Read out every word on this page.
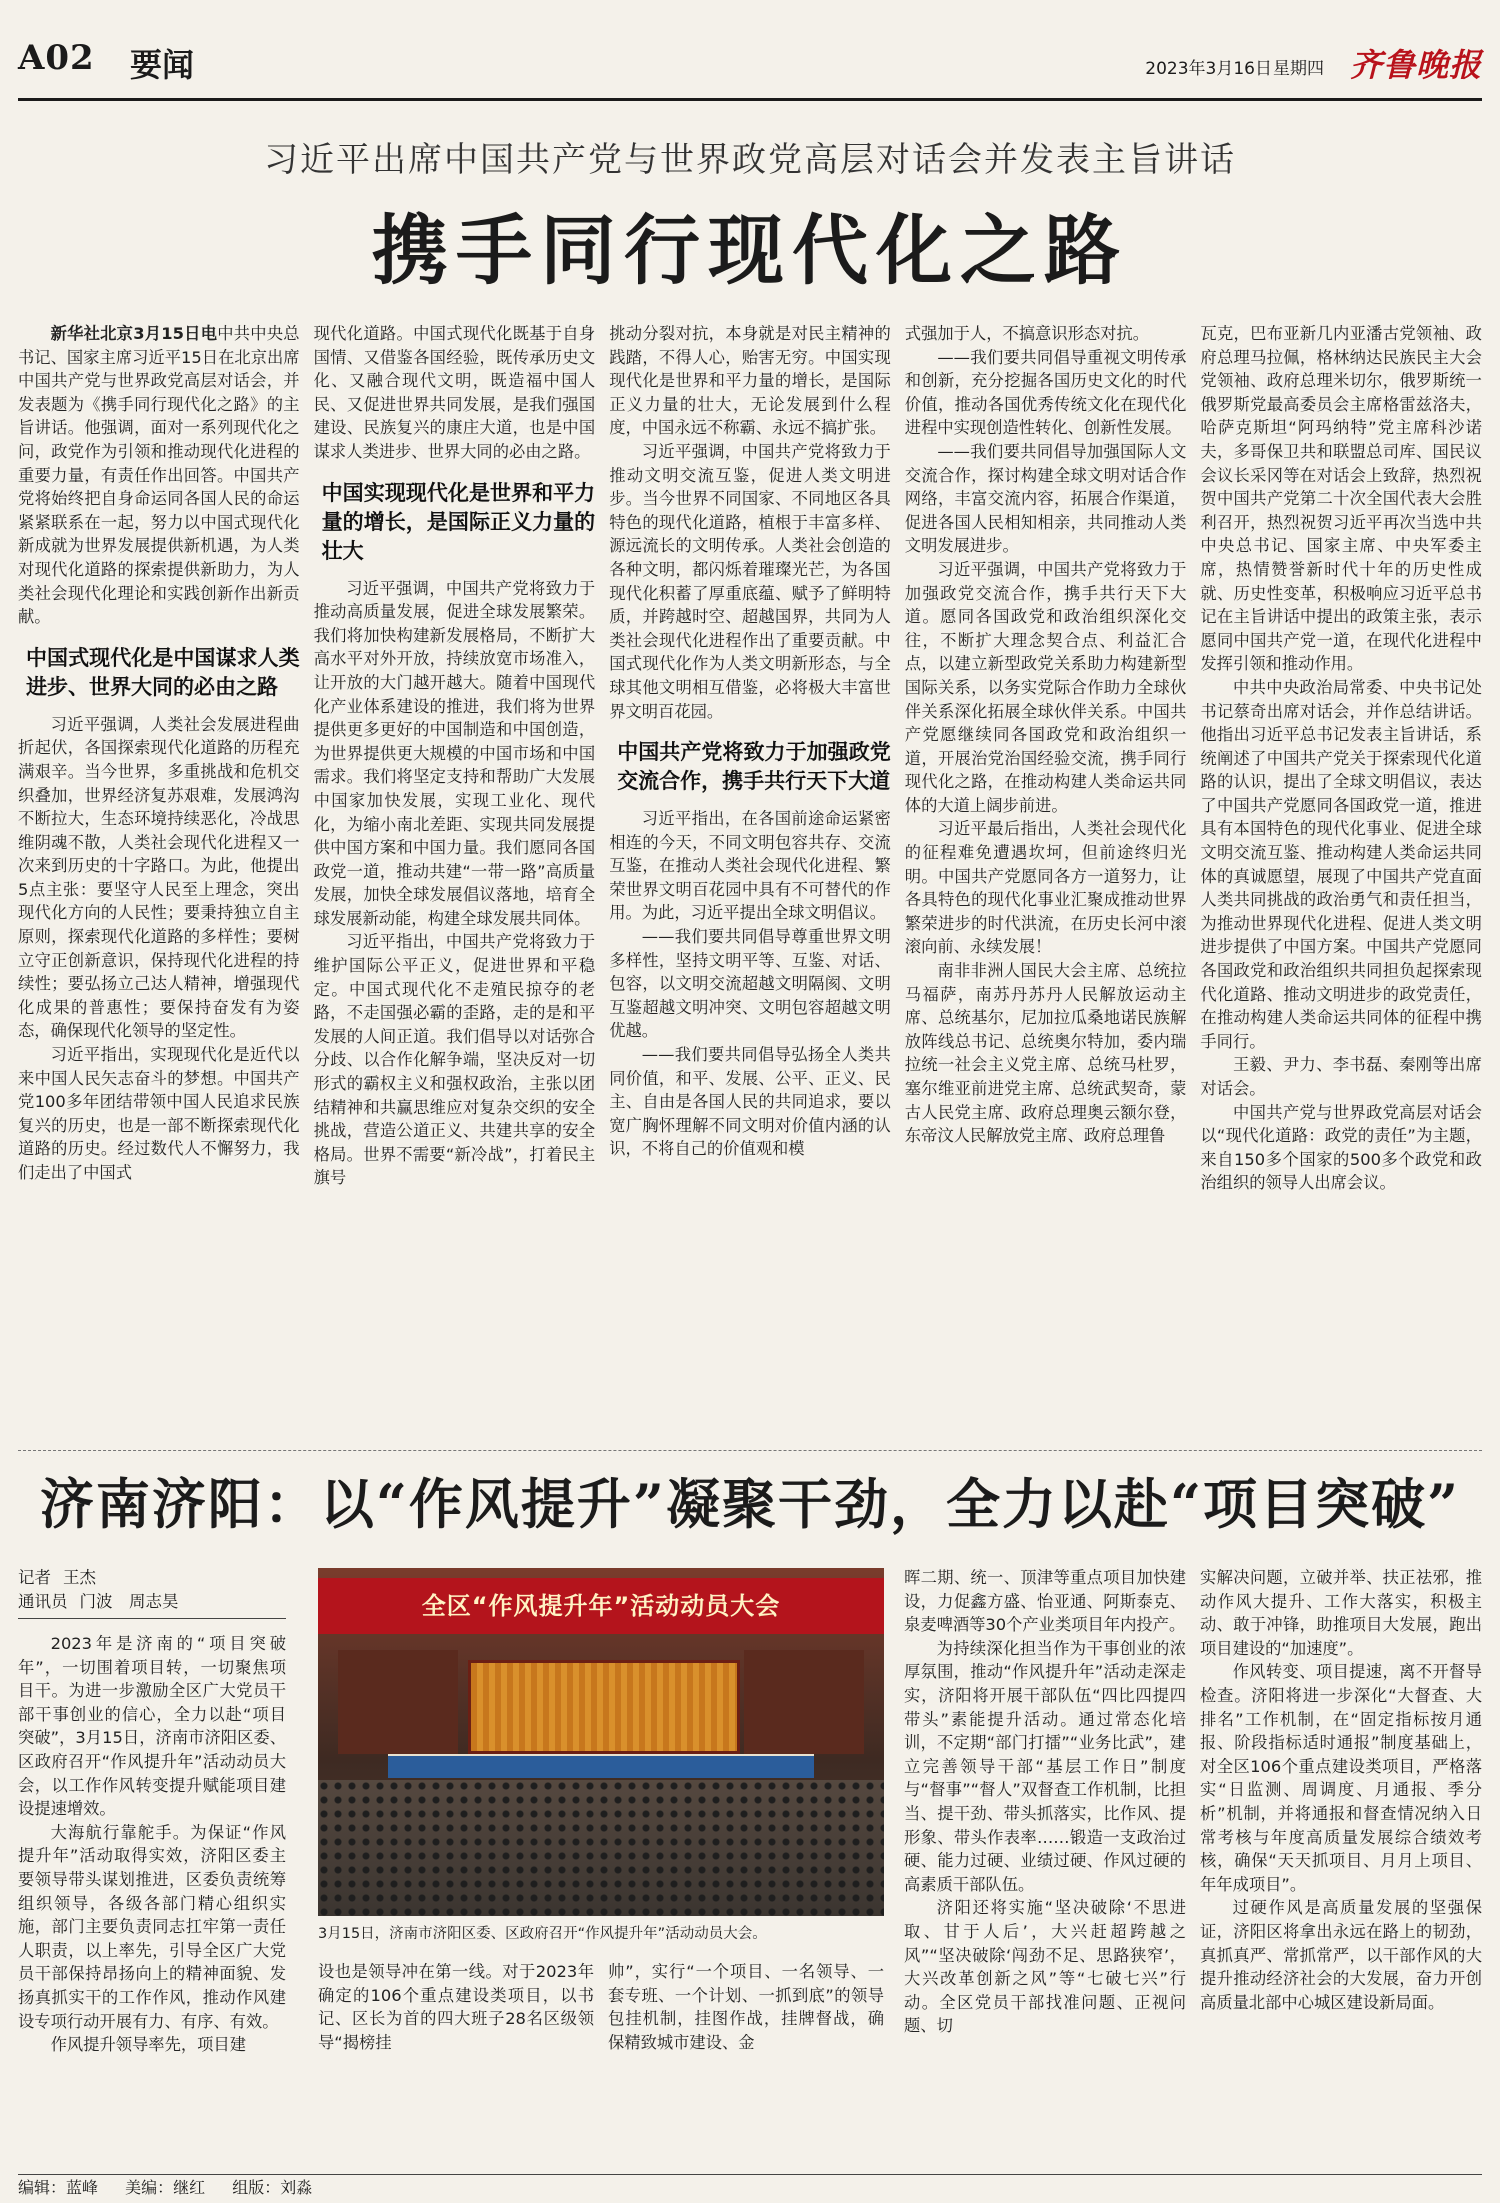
A02 要闻	2023年3月16日 星期四 齐鲁晚报
习近平出席中国共产党与世界政党高层对话会并发表主旨讲话
携手同行现代化之路

新华社北京3月15日电中共中央总书记、国家主席习近平15日在北京出席中国共产党与世界政党高层对话会，并发表题为《携手同行现代化之路》的主旨讲话。他强调，面对一系列现代化之问，政党作为引领和推动现代化进程的重要力量，有责任作出回答。中国共产党将始终把自身命运同各国人民的命运紧紧联系在一起，努力以中国式现代化新成就为世界发展提供新机遇，为人类对现代化道路的探索提供新助力，为人类社会现代化理论和实践创新作出新贡献。

中国式现代化是中国谋求人类进步、世界大同的必由之路

习近平强调，人类社会发展进程曲折起伏，各国探索现代化道路的历程充满艰辛。当今世界，多重挑战和危机交织叠加，世界经济复苏艰难，发展鸿沟不断拉大，生态环境持续恶化，冷战思维阴魂不散，人类社会现代化进程又一次来到历史的十字路口。为此，他提出5点主张：要坚守人民至上理念，突出现代化方向的人民性；要秉持独立自主原则，探索现代化道路的多样性；要树立守正创新意识，保持现代化进程的持续性；要弘扬立己达人精神，增强现代化成果的普惠性；要保持奋发有为姿态，确保现代化领导的坚定性。

习近平指出，实现现代化是近代以来中国人民矢志奋斗的梦想。中国共产党100多年团结带领中国人民追求民族复兴的历史，也是一部不断探索现代化道路的历史。经过数代人不懈努力，我们走出了中国式

现代化道路。中国式现代化既基于自身国情、又借鉴各国经验，既传承历史文化、又融合现代文明，既造福中国人民、又促进世界共同发展，是我们强国建设、民族复兴的康庄大道，也是中国谋求人类进步、世界大同的必由之路。

中国实现现代化是世界和平力量的增长，是国际正义力量的壮大

习近平强调，中国共产党将致力于推动高质量发展，促进全球发展繁荣。我们将加快构建新发展格局，不断扩大高水平对外开放，持续放宽市场准入，让开放的大门越开越大。随着中国现代化产业体系建设的推进，我们将为世界提供更多更好的中国制造和中国创造，为世界提供更大规模的中国市场和中国需求。我们将坚定支持和帮助广大发展中国家加快发展，实现工业化、现代化，为缩小南北差距、实现共同发展提供中国方案和中国力量。我们愿同各国政党一道，推动共建“一带一路”高质量发展，加快全球发展倡议落地，培育全球发展新动能，构建全球发展共同体。

习近平指出，中国共产党将致力于维护国际公平正义，促进世界和平稳定。中国式现代化不走殖民掠夺的老路，不走国强必霸的歪路，走的是和平发展的人间正道。我们倡导以对话弥合分歧、以合作化解争端，坚决反对一切形式的霸权主义和强权政治，主张以团结精神和共赢思维应对复杂交织的安全挑战，营造公道正义、共建共享的安全格局。世界不需要“新冷战”，打着民主旗号

挑动分裂对抗，本身就是对民主精神的践踏，不得人心，贻害无穷。中国实现现代化是世界和平力量的增长，是国际正义力量的壮大，无论发展到什么程度，中国永远不称霸、永远不搞扩张。

习近平强调，中国共产党将致力于推动文明交流互鉴，促进人类文明进步。当今世界不同国家、不同地区各具特色的现代化道路，植根于丰富多样、源远流长的文明传承。人类社会创造的各种文明，都闪烁着璀璨光芒，为各国现代化积蓄了厚重底蕴、赋予了鲜明特质，并跨越时空、超越国界，共同为人类社会现代化进程作出了重要贡献。中国式现代化作为人类文明新形态，与全球其他文明相互借鉴，必将极大丰富世界文明百花园。

中国共产党将致力于加强政党交流合作，携手共行天下大道

习近平指出，在各国前途命运紧密相连的今天，不同文明包容共存、交流互鉴，在推动人类社会现代化进程、繁荣世界文明百花园中具有不可替代的作用。为此，习近平提出全球文明倡议。

——我们要共同倡导尊重世界文明多样性，坚持文明平等、互鉴、对话、包容，以文明交流超越文明隔阂、文明互鉴超越文明冲突、文明包容超越文明优越。

——我们要共同倡导弘扬全人类共同价值，和平、发展、公平、正义、民主、自由是各国人民的共同追求，要以宽广胸怀理解不同文明对价值内涵的认识，不将自己的价值观和模

式强加于人，不搞意识形态对抗。

——我们要共同倡导重视文明传承和创新，充分挖掘各国历史文化的时代价值，推动各国优秀传统文化在现代化进程中实现创造性转化、创新性发展。

——我们要共同倡导加强国际人文交流合作，探讨构建全球文明对话合作网络，丰富交流内容，拓展合作渠道，促进各国人民相知相亲，共同推动人类文明发展进步。

习近平强调，中国共产党将致力于加强政党交流合作，携手共行天下大道。愿同各国政党和政治组织深化交往，不断扩大理念契合点、利益汇合点，以建立新型政党关系助力构建新型国际关系，以务实党际合作助力全球伙伴关系深化拓展全球伙伴关系。中国共产党愿继续同各国政党和政治组织一道，开展治党治国经验交流，携手同行现代化之路，在推动构建人类命运共同体的大道上阔步前进。

习近平最后指出，人类社会现代化的征程难免遭遇坎坷，但前途终归光明。中国共产党愿同各方一道努力，让各具特色的现代化事业汇聚成推动世界繁荣进步的时代洪流，在历史长河中滚滚向前、永续发展！

南非非洲人国民大会主席、总统拉马福萨，南苏丹苏丹人民解放运动主席、总统基尔，尼加拉瓜桑地诺民族解放阵线总书记、总统奥尔特加，委内瑞拉统一社会主义党主席、总统马杜罗，塞尔维亚前进党主席、总统武契奇，蒙古人民党主席、政府总理奥云额尔登，东帝汶人民解放党主席、政府总理鲁

瓦克，巴布亚新几内亚潘古党领袖、政府总理马拉佩，格林纳达民族民主大会党领袖、政府总理米切尔，俄罗斯统一俄罗斯党最高委员会主席格雷兹洛夫，哈萨克斯坦“阿玛纳特”党主席科沙诺夫，多哥保卫共和联盟总司库、国民议会议长采冈等在对话会上致辞，热烈祝贺中国共产党第二十次全国代表大会胜利召开，热烈祝贺习近平再次当选中共中央总书记、国家主席、中央军委主席，热情赞誉新时代十年的历史性成就、历史性变革，积极响应习近平总书记在主旨讲话中提出的政策主张，表示愿同中国共产党一道，在现代化进程中发挥引领和推动作用。

中共中央政治局常委、中央书记处书记蔡奇出席对话会，并作总结讲话。他指出习近平总书记发表主旨讲话，系统阐述了中国共产党关于探索现代化道路的认识，提出了全球文明倡议，表达了中国共产党愿同各国政党一道，推进具有本国特色的现代化事业、促进全球文明交流互鉴、推动构建人类命运共同体的真诚愿望，展现了中国共产党直面人类共同挑战的政治勇气和责任担当，为推动世界现代化进程、促进人类文明进步提供了中国方案。中国共产党愿同各国政党和政治组织共同担负起探索现代化道路、推动文明进步的政党责任，在推动构建人类命运共同体的征程中携手同行。

王毅、尹力、李书磊、秦刚等出席对话会。

中国共产党与世界政党高层对话会以“现代化道路：政党的责任”为主题，来自150多个国家的500多个政党和政治组织的领导人出席会议。

济南济阳：以“作风提升”凝聚干劲，全力以赴“项目突破”
记者 王杰
通讯员 门波　周志昊

2023年是济南的“项目突破年”，一切围着项目转，一切聚焦项目干。为进一步激励全区广大党员干部干事创业的信心，全力以赴“项目突破”，3月15日，济南市济阳区委、区政府召开“作风提升年”活动动员大会，以工作作风转变提升赋能项目建设提速增效。

大海航行靠舵手。为保证“作风提升年”活动取得实效，济阳区委主要领导带头谋划推进，区委负责统筹组织领导，各级各部门精心组织实施，部门主要负责同志扛牢第一责任人职责，以上率先，引导全区广大党员干部保持昂扬向上的精神面貌、发扬真抓实干的工作作风，推动作风建设专项行动开展有力、有序、有效。

作风提升领导率先，项目建

全区“作风提升年”活动动员大会
3月15日，济南市济阳区委、区政府召开“作风提升年”活动动员大会。

设也是领导冲在第一线。对于2023年确定的106个重点建设类项目，以书记、区长为首的四大班子28名区级领导“揭榜挂

帅”，实行“一个项目、一名领导、一套专班、一个计划、一抓到底”的领导包挂机制，挂图作战，挂牌督战，确保精致城市建设、金

晖二期、统一、顶津等重点项目加快建设，力促鑫方盛、怡亚通、阿斯泰克、泉麦啤酒等30个产业类项目年内投产。

为持续深化担当作为干事创业的浓厚氛围，推动“作风提升年”活动走深走实，济阳将开展干部队伍“四比四提四带头”素能提升活动。通过常态化培训，不定期“部门打擂”“业务比武”，建立完善领导干部“基层工作日”制度与“督事”“督人”双督查工作机制，比担当、提干劲、带头抓落实，比作风、提形象、带头作表率……锻造一支政治过硬、能力过硬、业绩过硬、作风过硬的高素质干部队伍。

济阳还将实施“坚决破除‘不思进取、甘于人后’，大兴赶超跨越之风”“坚决破除‘闯劲不足、思路狭窄’，大兴改革创新之风”等“七破七兴”行动。全区党员干部找准问题、正视问题、切

实解决问题，立破并举、扶正祛邪，推动作风大提升、工作大落实，积极主动、敢于冲锋，助推项目大发展，跑出项目建设的“加速度”。

作风转变、项目提速，离不开督导检查。济阳将进一步深化“大督查、大排名”工作机制，在“固定指标按月通报、阶段指标适时通报”制度基础上，对全区106个重点建设类项目，严格落实“日监测、周调度、月通报、季分析”机制，并将通报和督查情况纳入日常考核与年度高质量发展综合绩效考核，确保“天天抓项目、月月上项目、年年成项目”。

过硬作风是高质量发展的坚强保证，济阳区将拿出永远在路上的韧劲，真抓真严、常抓常严，以干部作风的大提升推动经济社会的大发展，奋力开创高质量北部中心城区建设新局面。

编辑：蓝峰 美编：继红 组版：刘淼
